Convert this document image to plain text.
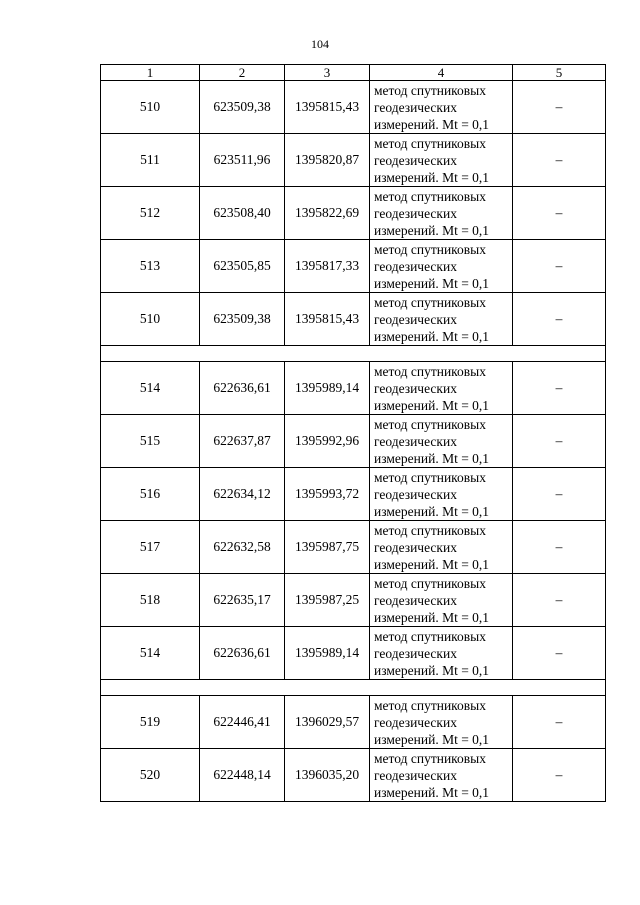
104
1	2	3	4	5
510	623509,38	1395815,43	метод спутниковых
геодезических
измерений. Mt = 0,1	–
511	623511,96	1395820,87	метод спутниковых
геодезических
измерений. Mt = 0,1	–
512	623508,40	1395822,69	метод спутниковых
геодезических
измерений. Mt = 0,1	–
513	623505,85	1395817,33	метод спутниковых
геодезических
измерений. Mt = 0,1	–
510	623509,38	1395815,43	метод спутниковых
геодезических
измерений. Mt = 0,1	–

514	622636,61	1395989,14	метод спутниковых
геодезических
измерений. Mt = 0,1	–
515	622637,87	1395992,96	метод спутниковых
геодезических
измерений. Mt = 0,1	–
516	622634,12	1395993,72	метод спутниковых
геодезических
измерений. Mt = 0,1	–
517	622632,58	1395987,75	метод спутниковых
геодезических
измерений. Mt = 0,1	–
518	622635,17	1395987,25	метод спутниковых
геодезических
измерений. Mt = 0,1	–
514	622636,61	1395989,14	метод спутниковых
геодезических
измерений. Mt = 0,1	–

519	622446,41	1396029,57	метод спутниковых
геодезических
измерений. Mt = 0,1	–
520	622448,14	1396035,20	метод спутниковых
геодезических
измерений. Mt = 0,1	–
